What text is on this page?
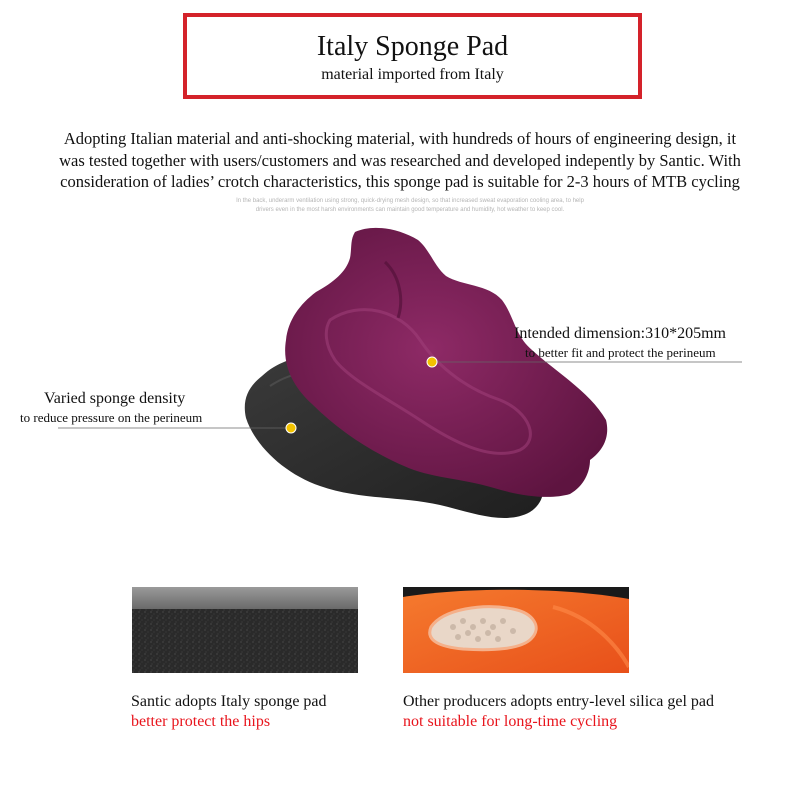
Italy Sponge Pad
material imported from Italy
Adopting Italian material and anti-shocking material, with hundreds of hours of engineering design, it
was tested together with users/customers and was researched and developed indepently by Santic. With
consideration of ladies’ crotch characteristics, this sponge pad is suitable for 2-3 hours of MTB cycling
In the back, underarm ventilation using strong, quick-drying mesh design, so that increased sweat evaporation cooling area, to help
drivers even in the most harsh environments can maintain good temperature and humidity, hot weather to keep cool.
Intended dimension:310*205mm
to better fit and protect the perineum
Varied sponge density
to reduce pressure on the perineum
Santic adopts Italy sponge pad
better protect the hips
Other producers adopts entry-level silica gel pad
not suitable for long-time cycling
